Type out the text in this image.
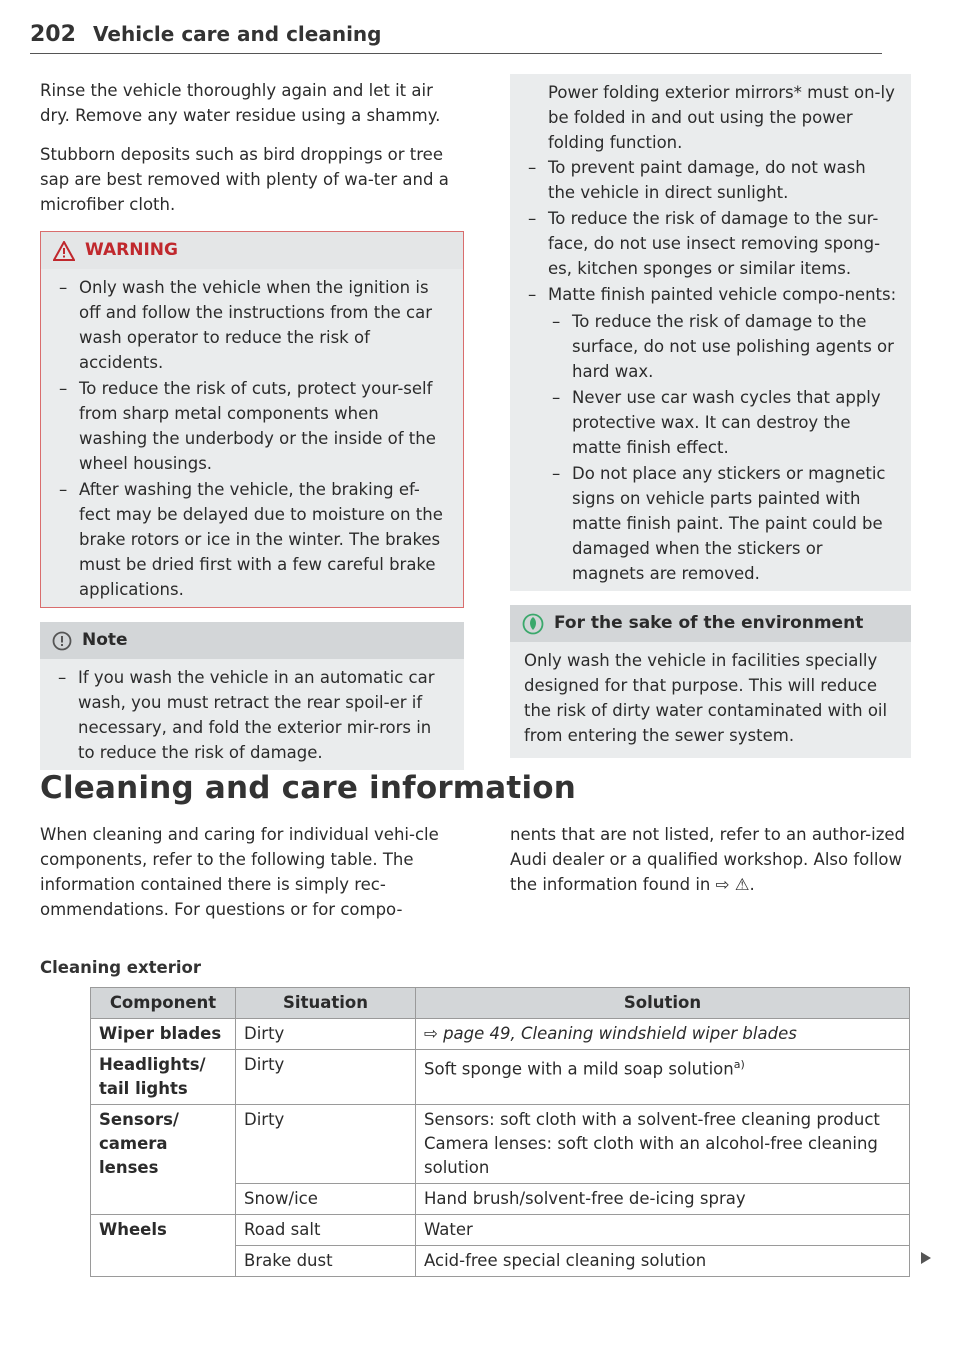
202 Vehicle care and cleaning

Rinse the vehicle thoroughly again and let it air dry. Remove any water residue using a shammy.

Stubborn deposits such as bird droppings or tree sap are best removed with plenty of wa-ter and a microfiber cloth.

WARNING
– Only wash the vehicle when the ignition is off and follow the instructions from the car wash operator to reduce the risk of accidents.
– To reduce the risk of cuts, protect your-self from sharp metal components when washing the underbody or the inside of the wheel housings.
– After washing the vehicle, the braking ef-fect may be delayed due to moisture on the brake rotors or ice in the winter. The brakes must be dried first with a few careful brake applications.
Note
– If you wash the vehicle in an automatic car wash, you must retract the rear spoil-er if necessary, and fold the exterior mir-rors in to reduce the risk of damage.
Power folding exterior mirrors* must on-ly be folded in and out using the power folding function.
– To prevent paint damage, do not wash the vehicle in direct sunlight.
– To reduce the risk of damage to the sur-face, do not use insect removing spong-es, kitchen sponges or similar items.
– Matte finish painted vehicle compo-nents:
– To reduce the risk of damage to the surface, do not use polishing agents or hard wax.
– Never use car wash cycles that apply protective wax. It can destroy the matte finish effect.
– Do not place any stickers or magnetic signs on vehicle parts painted with matte finish paint. The paint could be damaged when the stickers or magnets are removed.
For the sake of the environment

Only wash the vehicle in facilities specially designed for that purpose. This will reduce the risk of dirty water contaminated with oil from entering the sewer system.

Cleaning and care information
When cleaning and caring for individual vehi-cle components, refer to the following table. The information contained there is simply rec-ommendations. For questions or for compo-
nents that are not listed, refer to an author-ized Audi dealer or a qualified workshop. Also follow the information found in ⇨ ⚠.
Cleaning exterior
Component	Situation	Solution
Wiper blades	Dirty	⇨ page 49, Cleaning windshield wiper blades
Headlights/ tail lights	Dirty	Soft sponge with a mild soap solution$^{a)}$
Sensors/ camera lenses	Dirty	Sensors: soft cloth with a solvent-free cleaning product
Camera lenses: soft cloth with an alcohol-free cleaning solution

	Snow/ice	Hand brush/solvent-free de-icing spray
Wheels	Road salt	Water
	Brake dust	Acid-free special cleaning solution
